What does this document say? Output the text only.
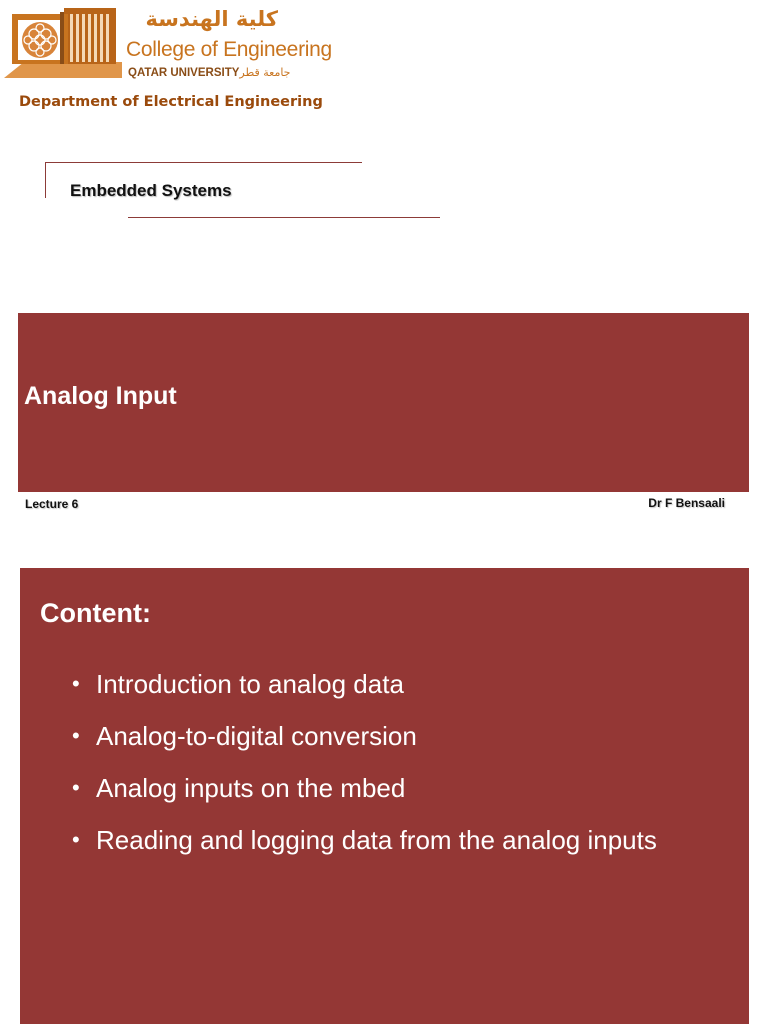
كلية الهندسة
College of Engineering
QATAR UNIVERSITYجامعة قطر
Department of Electrical Engineering
Embedded Systems
Analog Input
Lecture 6	Dr F Bensaali
Content:
• Introduction to analog data
• Analog-to-digital conversion
• Analog inputs on the mbed
• Reading and logging data from the analog inputs
